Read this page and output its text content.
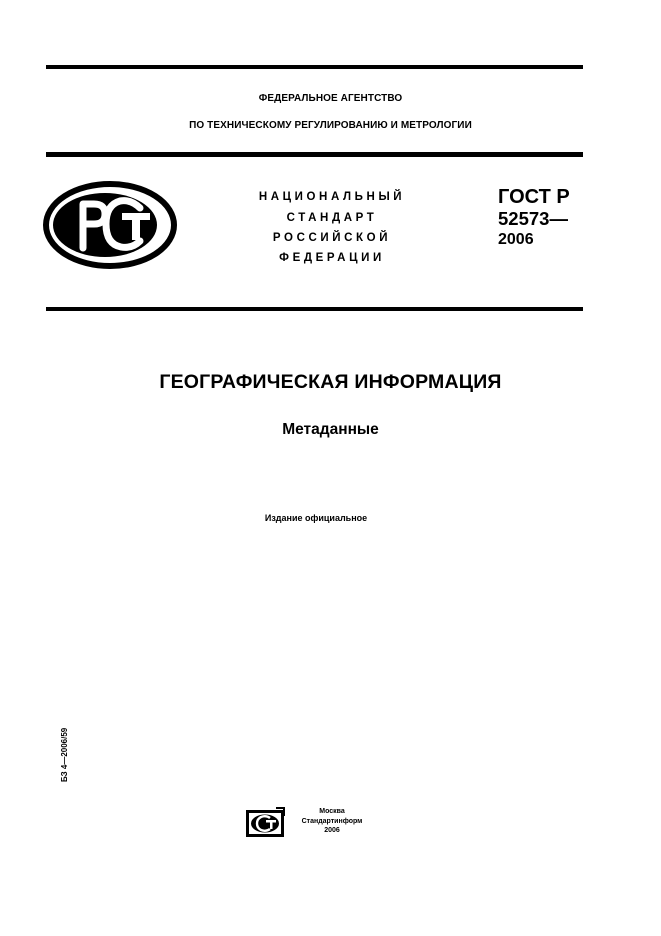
ФЕДЕРАЛЬНОЕ АГЕНТСТВО
ПО ТЕХНИЧЕСКОМУ РЕГУЛИРОВАНИЮ И МЕТРОЛОГИИ
НАЦИОНАЛЬНЫЙ
СТАНДАРТ
РОССИЙСКОЙ
ФЕДЕРАЦИИ
ГОСТ Р
52573—
2006
ГЕОГРАФИЧЕСКАЯ ИНФОРМАЦИЯ
Метаданные
Издание официальное
БЗ 4—2006/59
Москва
Стандартинформ
2006
